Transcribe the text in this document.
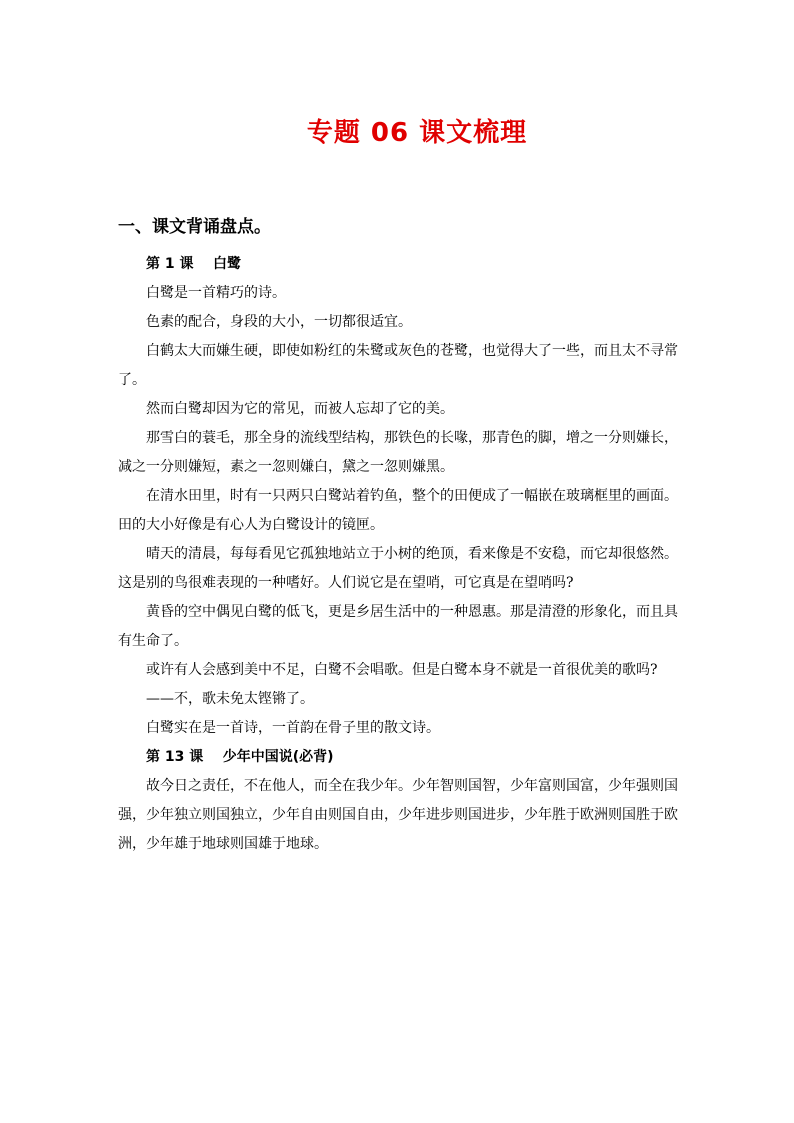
专题 06 课文梳理
一、课文背诵盘点。
第 1 课    白鹭

白鹭是一首精巧的诗。

色素的配合，身段的大小，一切都很适宜。

白鹤太大而嫌生硬，即使如粉红的朱鹭或灰色的苍鹭，也觉得大了一些，而且太不寻常了。

然而白鹭却因为它的常见，而被人忘却了它的美。

那雪白的蓑毛，那全身的流线型结构，那铁色的长喙，那青色的脚，增之一分则嫌长，减之一分则嫌短，素之一忽则嫌白，黛之一忽则嫌黑。

在清水田里，时有一只两只白鹭站着钓鱼，整个的田便成了一幅嵌在玻璃框里的画面。田的大小好像是有心人为白鹭设计的镜匣。

晴天的清晨，每每看见它孤独地站立于小树的绝顶，看来像是不安稳，而它却很悠然。这是别的鸟很难表现的一种嗜好。人们说它是在望哨，可它真是在望哨吗?

黄昏的空中偶见白鹭的低飞，更是乡居生活中的一种恩惠。那是清澄的形象化，而且具有生命了。

或许有人会感到美中不足，白鹭不会唱歌。但是白鹭本身不就是一首很优美的歌吗?

——不，歌未免太铿锵了。

白鹭实在是一首诗，一首韵在骨子里的散文诗。

第 13 课    少年中国说(必背)

故今日之责任，不在他人，而全在我少年。少年智则国智，少年富则国富，少年强则国强，少年独立则国独立，少年自由则国自由，少年进步则国进步，少年胜于欧洲则国胜于欧洲，少年雄于地球则国雄于地球。
